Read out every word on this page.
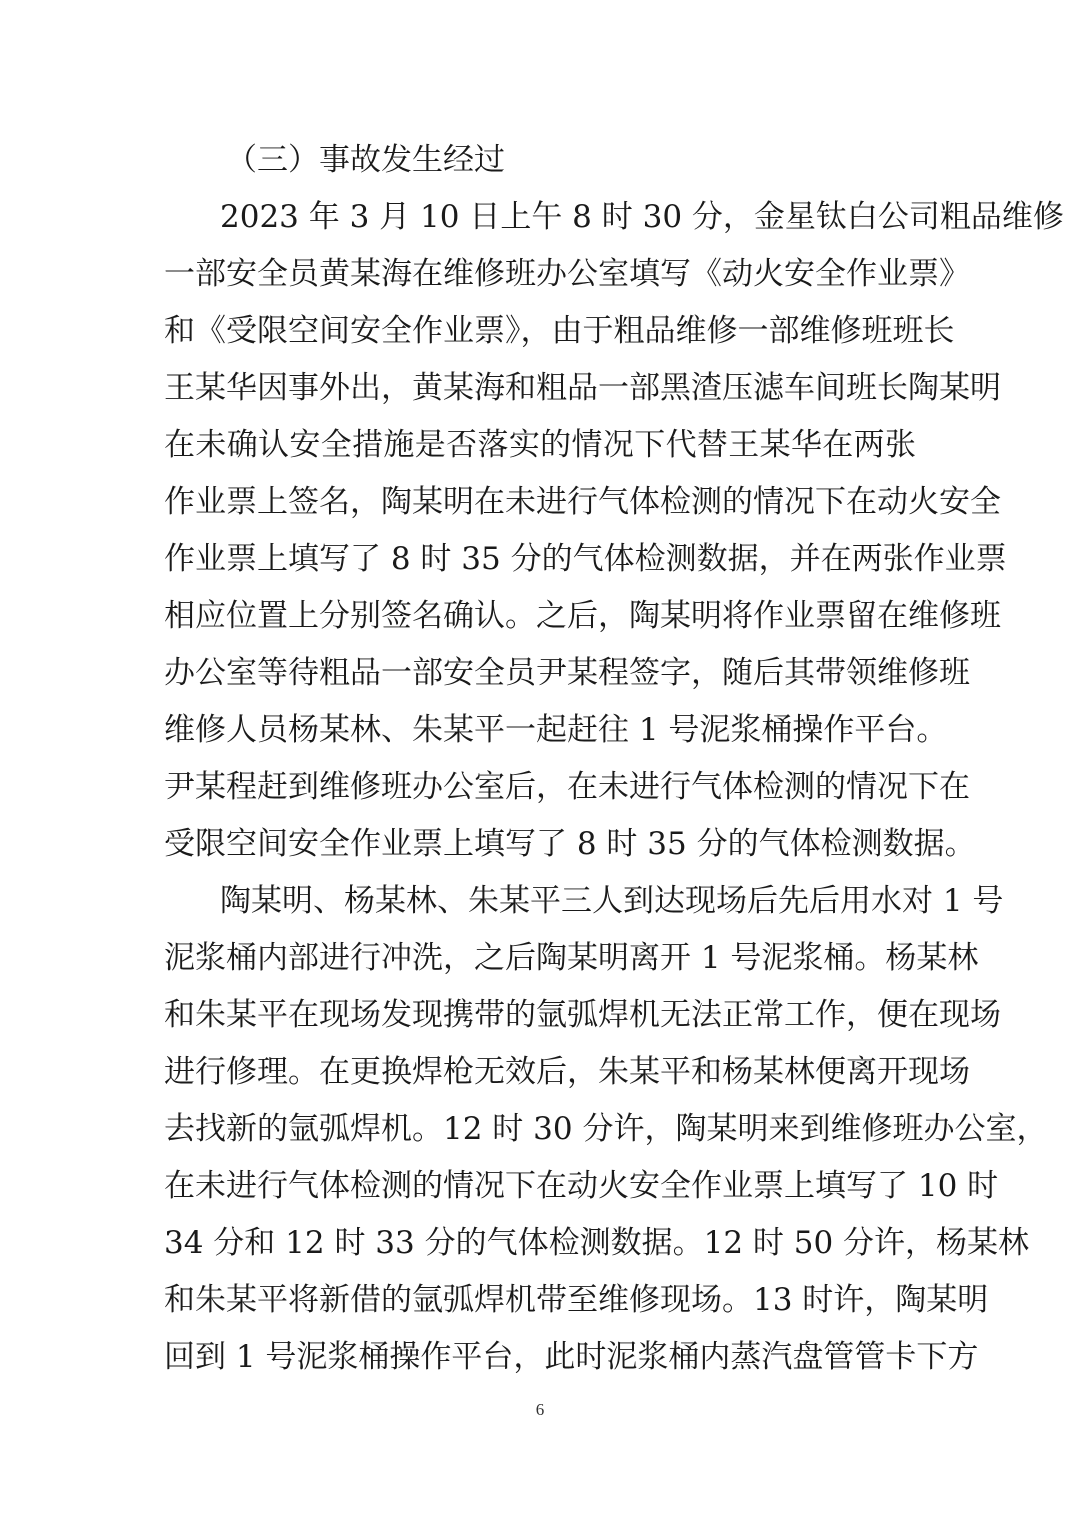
（三）事故发生经过
2023 年 3 月 10 日上午 8 时 30 分，金星钛白公司粗品维修
一部安全员黄某海在维修班办公室填写《动火安全作业票》
和《受限空间安全作业票》，由于粗品维修一部维修班班长
王某华因事外出，黄某海和粗品一部黑渣压滤车间班长陶某明
在未确认安全措施是否落实的情况下代替王某华在两张
作业票上签名，陶某明在未进行气体检测的情况下在动火安全
作业票上填写了 8 时 35 分的气体检测数据，并在两张作业票
相应位置上分别签名确认。之后，陶某明将作业票留在维修班
办公室等待粗品一部安全员尹某程签字，随后其带领维修班
维修人员杨某林、朱某平一起赶往 1 号泥浆桶操作平台。
尹某程赶到维修班办公室后，在未进行气体检测的情况下在
受限空间安全作业票上填写了 8 时 35 分的气体检测数据。
陶某明、杨某林、朱某平三人到达现场后先后用水对 1 号
泥浆桶内部进行冲洗，之后陶某明离开 1 号泥浆桶。杨某林
和朱某平在现场发现携带的氩弧焊机无法正常工作，便在现场
进行修理。在更换焊枪无效后，朱某平和杨某林便离开现场
去找新的氩弧焊机。12 时 30 分许，陶某明来到维修班办公室，
在未进行气体检测的情况下在动火安全作业票上填写了 10 时
34 分和 12 时 33 分的气体检测数据。12 时 50 分许，杨某林
和朱某平将新借的氩弧焊机带至维修现场。13 时许，陶某明
回到 1 号泥浆桶操作平台，此时泥浆桶内蒸汽盘管管卡下方
6
